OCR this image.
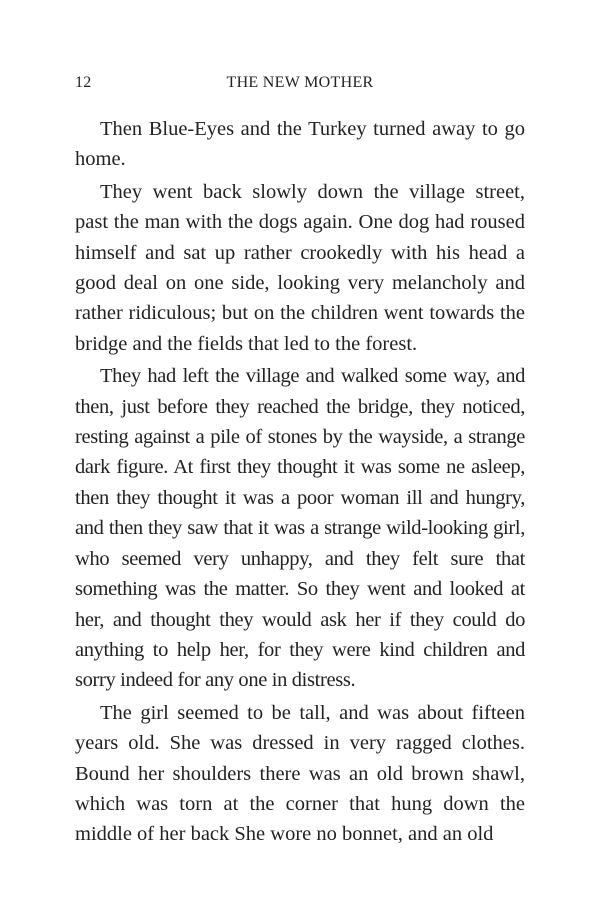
12	THE NEW MOTHER

Then Blue-Eyes and the Turkey turned away to go home.

They went back slowly down the village street, past the man with the dogs again. One dog had roused himself and sat up rather crookedly with his head a good deal on one side, looking very melancholy and rather ridiculous; but on the children went towards the bridge and the fields that led to the forest.

They had left the village and walked some way, and then, just before they reached the bridge, they noticed, resting against a pile of stones by the wayside, a strange dark figure. At first they thought it was some ne asleep, then they thought it was a poor woman ill and hungry, and then they saw that it was a strange wild-looking girl, who seemed very unhappy, and they felt sure that something was the matter. So they went and looked at her, and thought they would ask her if they could do anything to help her, for they were kind children and sorry indeed for any one in distress.

The girl seemed to be tall, and was about fifteen years old. She was dressed in very ragged clothes. Bound her shoulders there was an old brown shawl, which was torn at the corner that hung down the middle of her back She wore no bonnet, and an old
